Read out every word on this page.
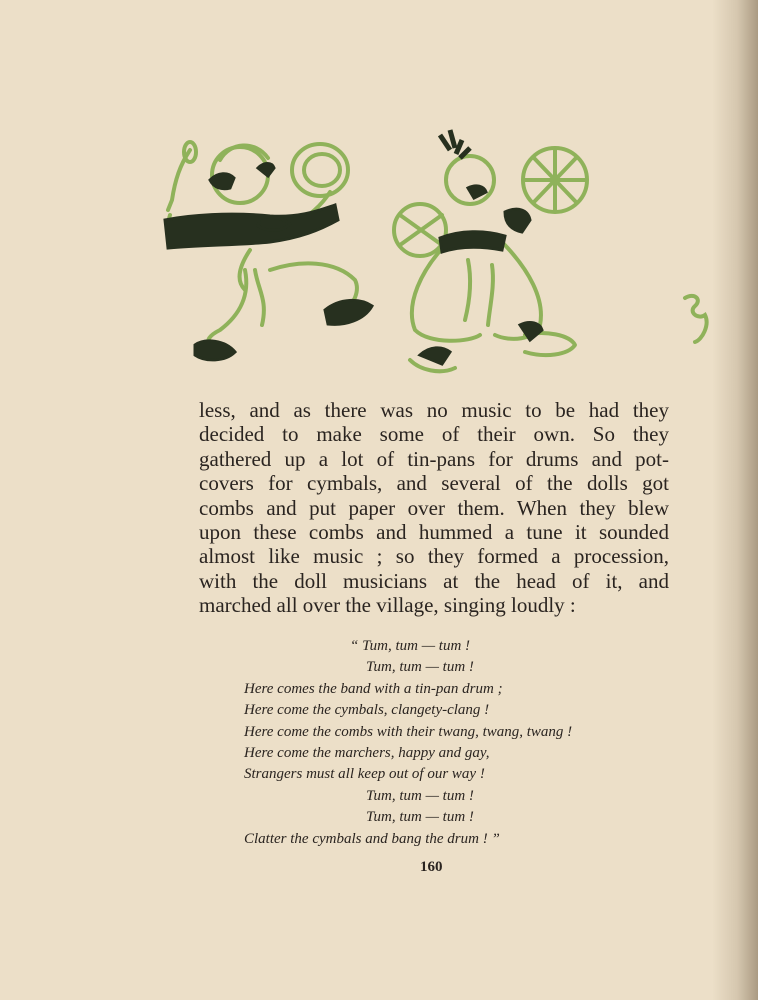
less, and as there was no music to be had they
decided to make some of their own. So they
gathered up a lot of tin-pans for drums and pot-
covers for cymbals, and several of the dolls got
combs and put paper over them. When they blew
upon these combs and hummed a tune it sounded
almost like music ; so they formed a procession,
with the doll musicians at the head of it, and
marched all over the village, singing loudly :
“ Tum, tum — tum !
Tum, tum — tum !
Here comes the band with a tin-pan drum ;
Here come the cymbals, clangety-clang !
Here come the combs with their twang, twang, twang !
Here come the marchers, happy and gay,
Strangers must all keep out of our way !
Tum, tum — tum !
Tum, tum — tum !
Clatter the cymbals and bang the drum ! ”
160
